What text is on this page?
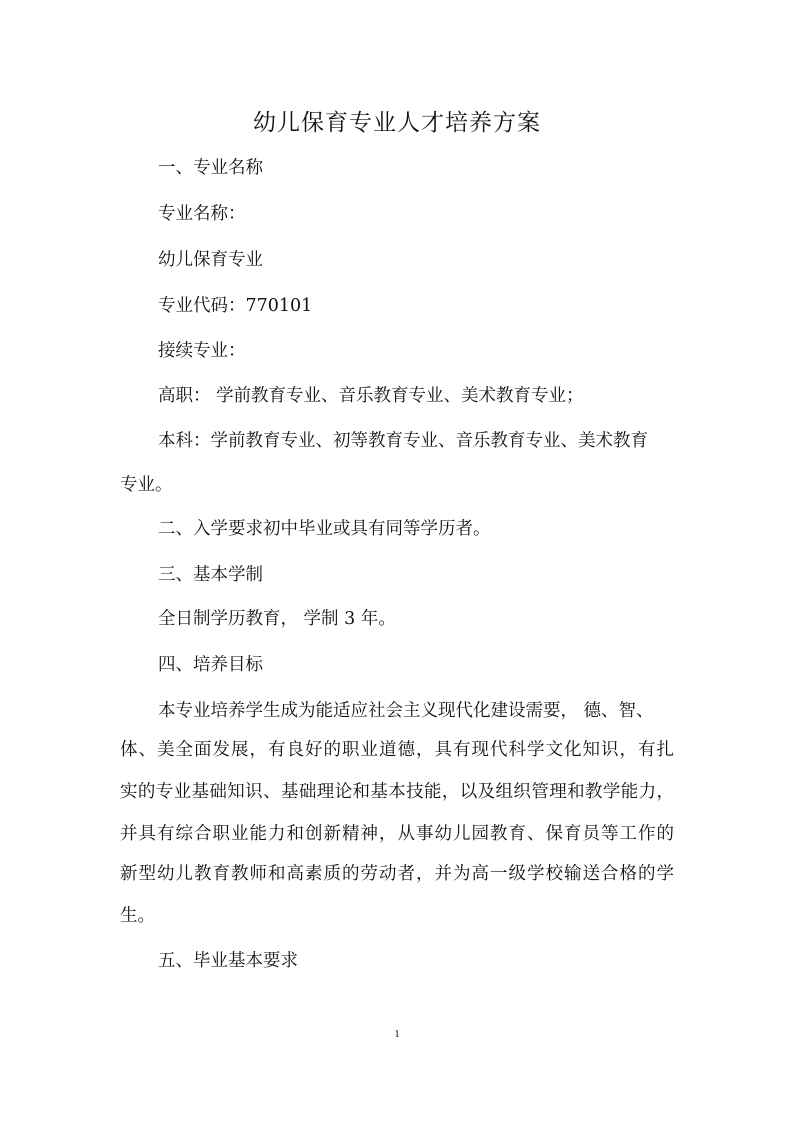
幼儿保育专业人才培养方案
一、专业名称
专业名称：
幼儿保育专业
专业代码：770101
接续专业：
高职： 学前教育专业、音乐教育专业、美术教育专业；
本科：学前教育专业、初等教育专业、音乐教育专业、美术教育
专业。
二、入学要求初中毕业或具有同等学历者。
三、基本学制
全日制学历教育， 学制 3 年。
四、培养目标
本专业培养学生成为能适应社会主义现代化建设需要， 德、智、
体、美全面发展，有良好的职业道德，具有现代科学文化知识，有扎
实的专业基础知识、基础理论和基本技能，以及组织管理和教学能力，
并具有综合职业能力和创新精神，从事幼儿园教育、保育员等工作的
新型幼儿教育教师和高素质的劳动者，并为高一级学校输送合格的学
生。
五、毕业基本要求
1
